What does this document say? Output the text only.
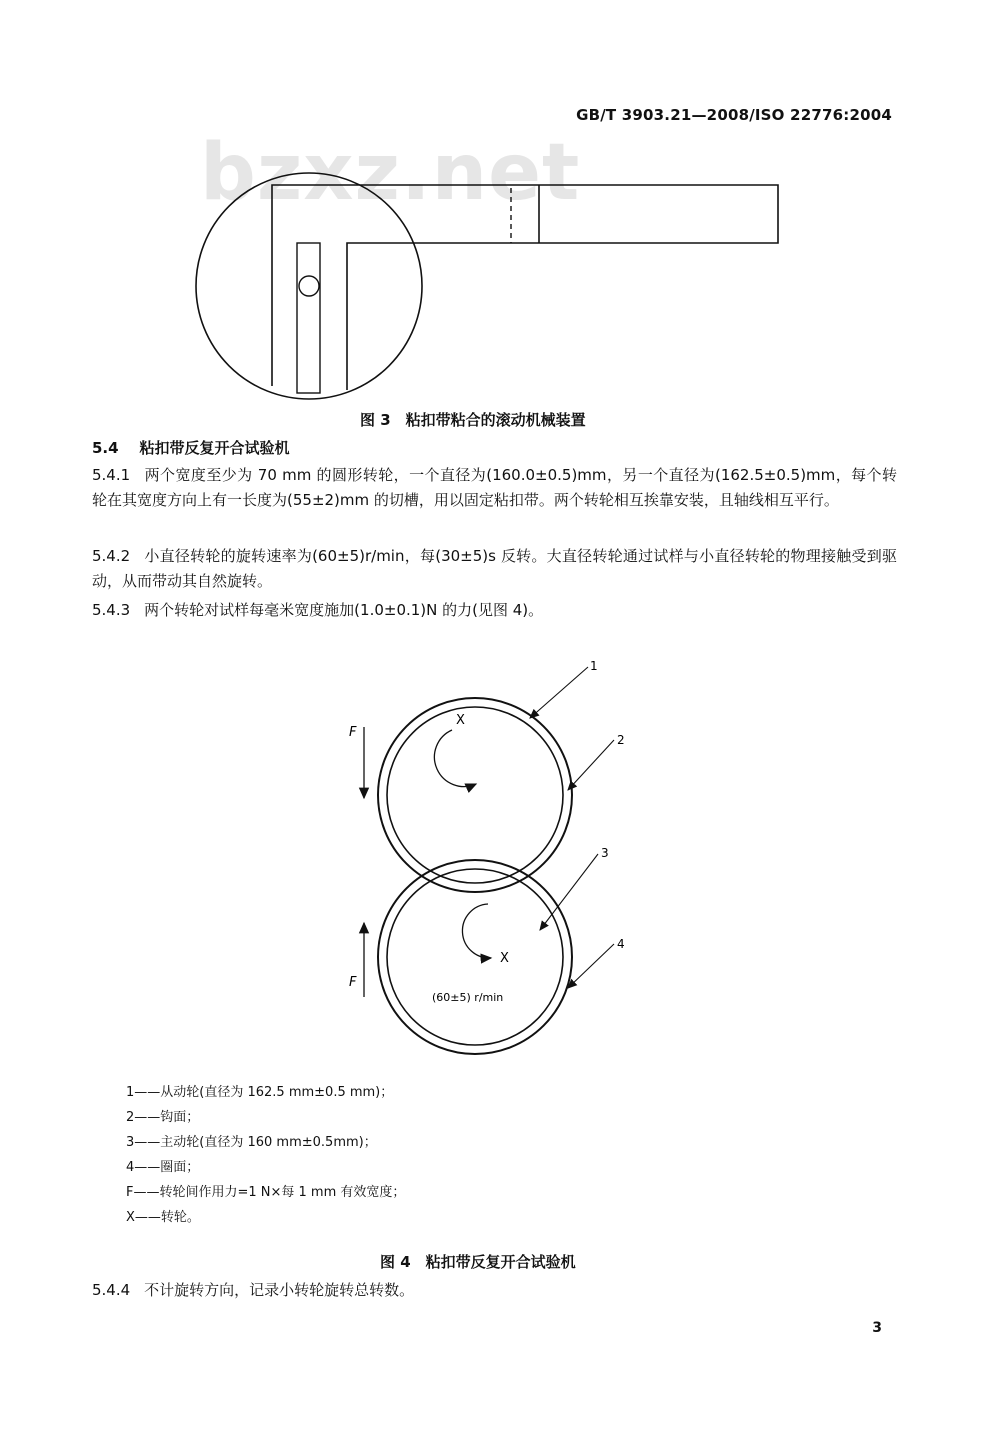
GB/T 3903.21—2008/ISO 22776:2004
bzxz.net
图 3　粘扣带粘合的滚动机械装置
5.4 粘扣带反复开合试验机
5.4.1 两个宽度至少为 70 mm 的圆形转轮，一个直径为(160.0±0.5)mm，另一个直径为(162.5±0.5)mm，每个转轮在其宽度方向上有一长度为(55±2)mm 的切槽，用以固定粘扣带。两个转轮相互挨靠安装，且轴线相互平行。
5.4.2 小直径转轮的旋转速率为(60±5)r/min，每(30±5)s 反转。大直径转轮通过试样与小直径转轮的物理接触受到驱动，从而带动其自然旋转。
5.4.3 两个转轮对试样每毫米宽度施加(1.0±0.1)N 的力(见图 4)。
1
2
3
4
F
F
X
X
(60±5) r/min
1——从动轮(直径为 162.5 mm±0.5 mm)；
2——钩面；
3——主动轮(直径为 160 mm±0.5mm)；
4——圈面；
F——转轮间作用力=1 N×每 1 mm 有效宽度；
X——转轮。
图 4　粘扣带反复开合试验机
5.4.4 不计旋转方向，记录小转轮旋转总转数。
3
